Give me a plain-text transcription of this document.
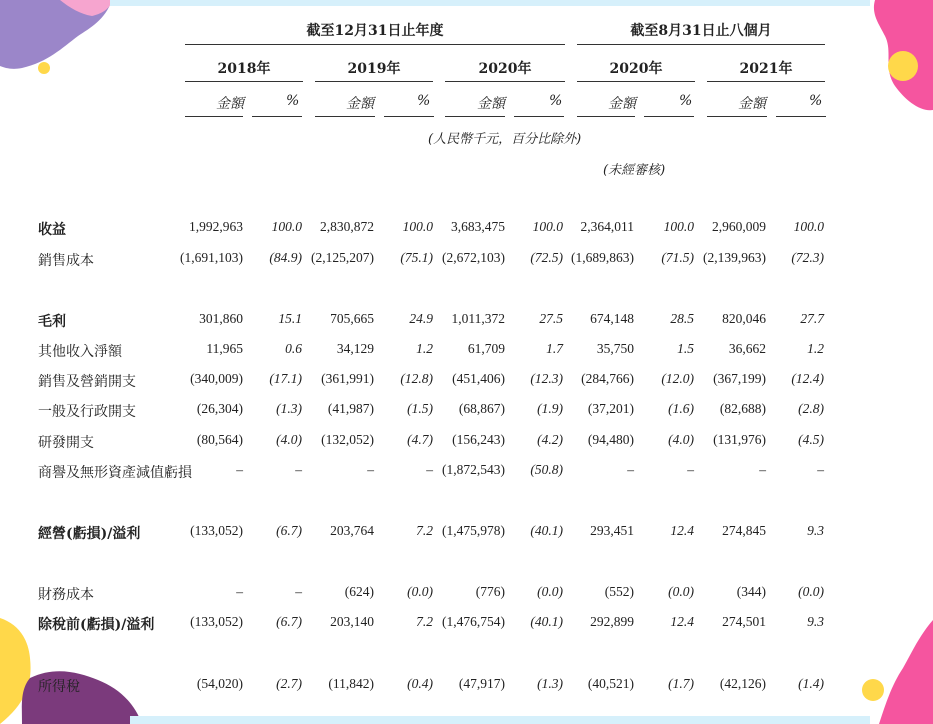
截至12月31日止年度	截至8月31日止八個月
2018年	2019年	2020年	2020年	2021年
金額	%	金額	%	金額	%	金額	%	金額	%
(人民幣千元，百分比除外)
(未經審核)
收益	1,992,963 100.0 2,830,872 100.0 3,683,475 100.0 2,364,011 100.0 2,960,009 100.0
銷售成本	(1,691,103) (84.9) (2,125,207) (75.1) (2,672,103) (72.5) (1,689,863) (71.5) (2,139,963) (72.3)
毛利	301,860	15.1 705,665	24.9 1,011,372	27.5 674,148	28.5 820,046	27.7
其他收入淨額	11,965	0.6	34,129	1.2	61,709	1.7	35,750	1.5	36,662	1.2
銷售及營銷開支	(340,009) (17.1) (361,991) (12.8) (451,406) (12.3) (284,766) (12.0) (367,199) (12.4)
一般及行政開支	(26,304) (1.3) (41,987) (1.5) (68,867) (1.9) (37,201)	(1.6) (82,688) (2.8)
研發開支	(80,564) (4.0) (132,052) (4.7) (156,243) (4.2) (94,480)	(4.0) (131,976) (4.5)
商譽及無形資產減值虧損	–	–	–	– (1,872,543) (50.8)	–	–	–	–
經營(虧損)/溢利	(133,052) (6.7) 203,764	7.2 (1,475,978) (40.1) 293,451	12.4 274,845	9.3
財務成本	–	–	(624) (0.0)	(776) (0.0)	(552)	(0.0)	(344) (0.0)
除稅前(虧損)/溢利	(133,052) (6.7) 203,140	7.2 (1,476,754) (40.1) 292,899	12.4 274,501	9.3
所得稅	(54,020) (2.7) (11,842) (0.4) (47,917) (1.3) (40,521)	(1.7) (42,126) (1.4)
